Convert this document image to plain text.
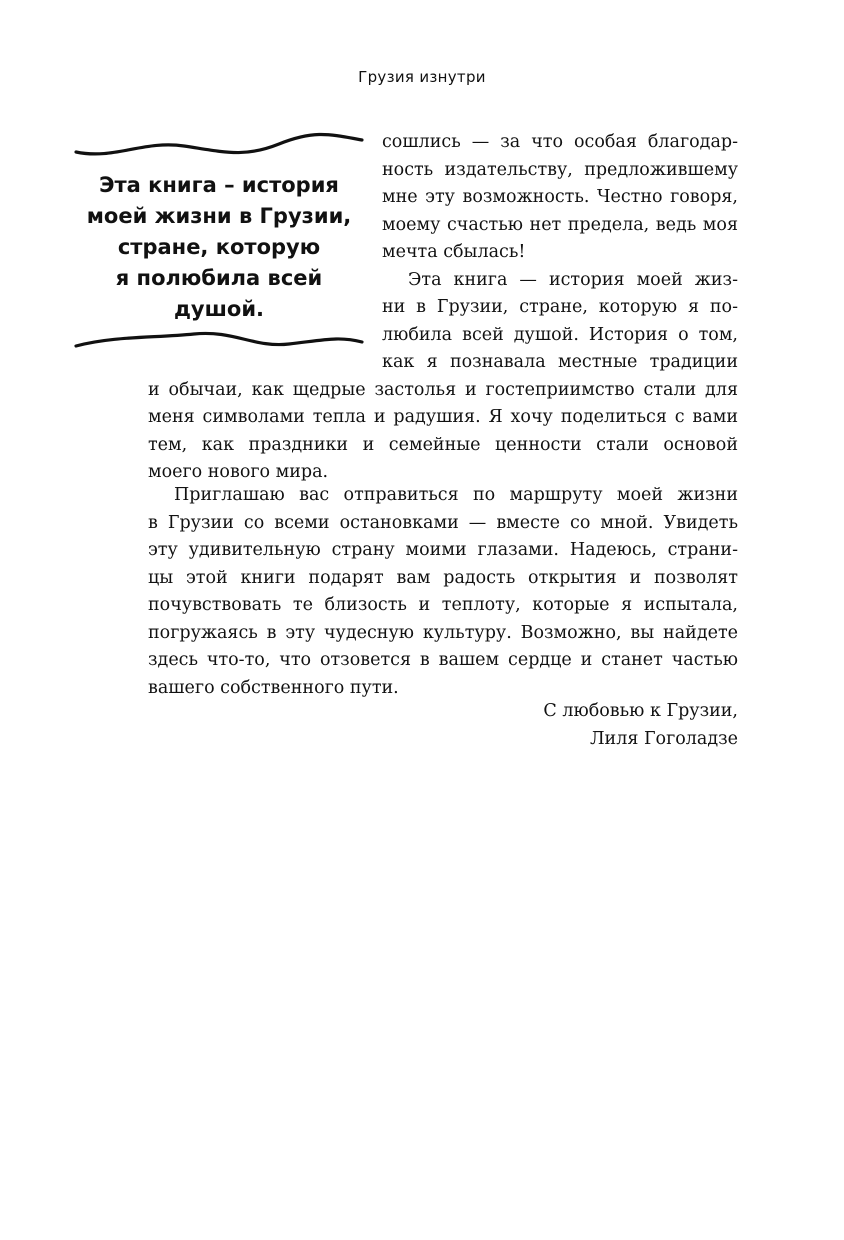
Грузия изнутри
Эта книга – история
моей жизни в Грузии,
стране, которую
я полюбила всей
душой.
сошлись — за что особая благодар-
ность издательству, предложившему
мне эту возможность. Честно говоря,
моему счастью нет предела, ведь моя
мечта сбылась!
Эта книга — история моей жиз-
ни в Грузии, стране, которую я по-
любила всей душой. История о том,
как я познавала местные традиции
и обычаи, как щедрые застолья и гостеприимство стали для
меня символами тепла и радушия. Я хочу поделиться с вами
тем, как праздники и семейные ценности стали основой
моего нового мира.
Приглашаю вас отправиться по маршруту моей жизни
в Грузии со всеми остановками — вместе со мной. Увидеть
эту удивительную страну моими глазами. Надеюсь, страни-
цы этой книги подарят вам радость открытия и позволят
почувствовать те близость и теплоту, которые я испытала,
погружаясь в эту чудесную культуру. Возможно, вы найдете
здесь что-то, что отзовется в вашем сердце и станет частью
вашего собственного пути.
С любовью к Грузии,
Лиля Гоголадзе
